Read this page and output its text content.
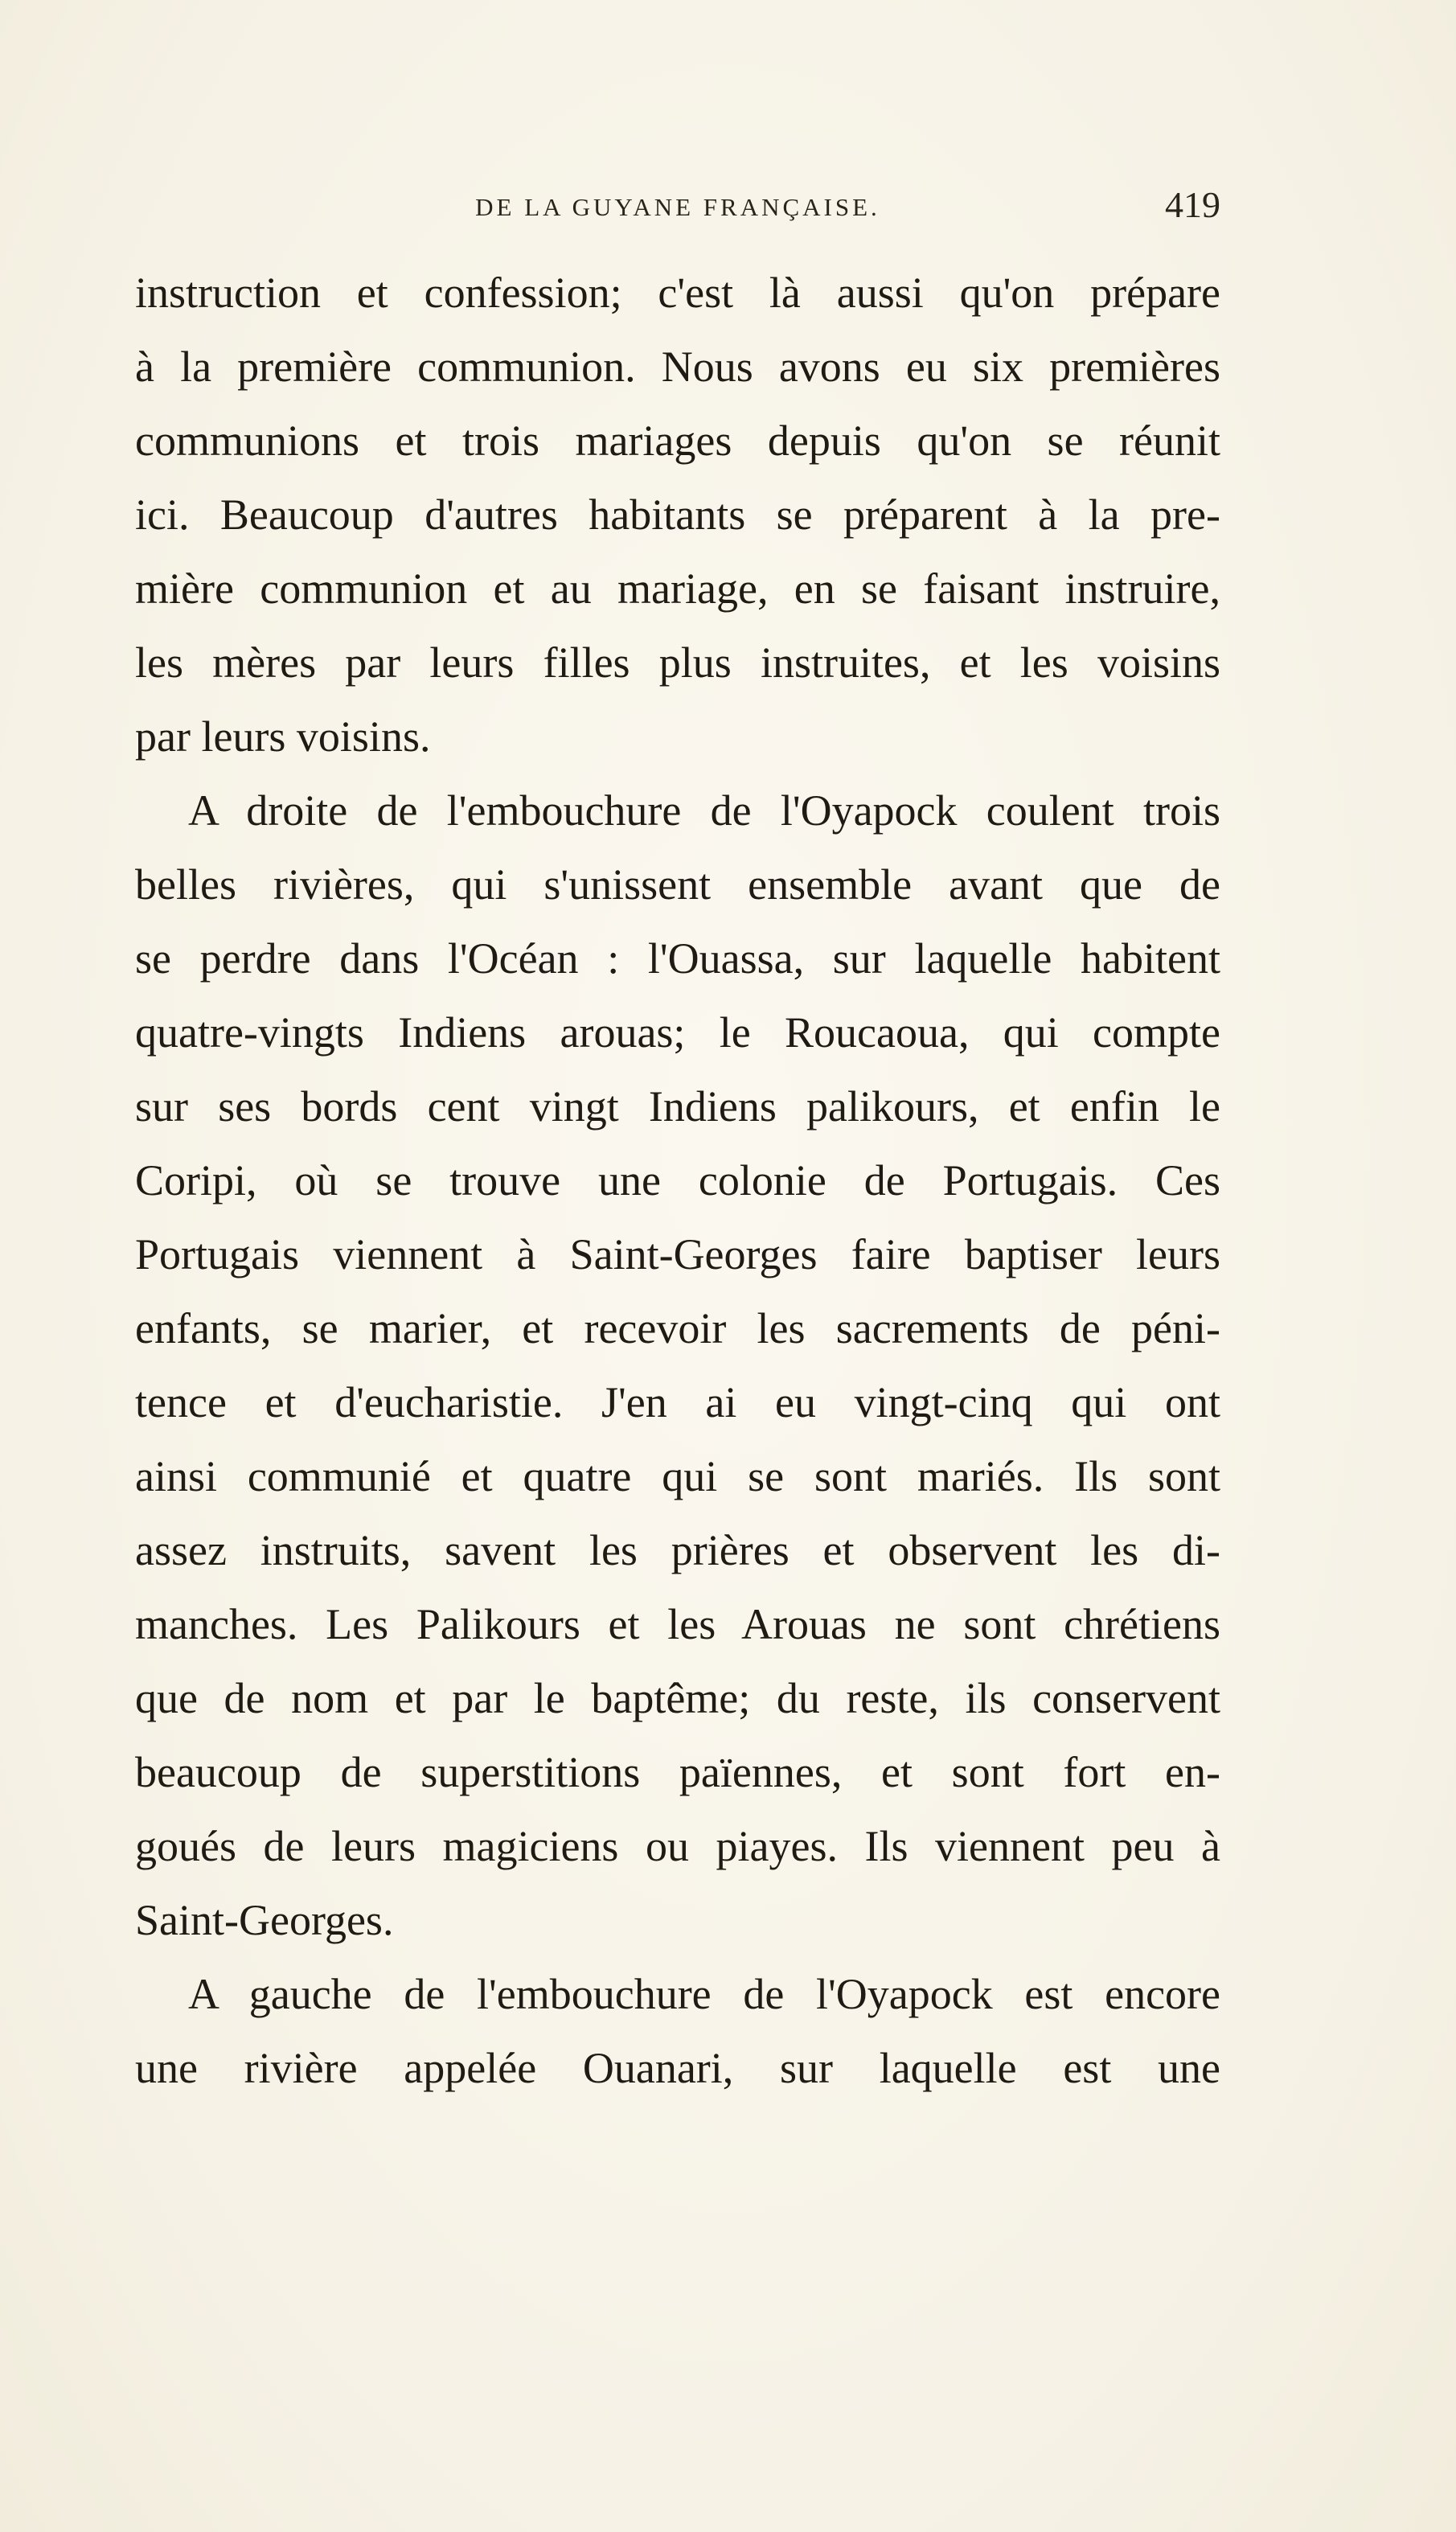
DE LA GUYANE FRANÇAISE.	419
instruction et confession; c'est là aussi qu'on prépare
à la première communion. Nous avons eu six premières
communions et trois mariages depuis qu'on se réunit
ici. Beaucoup d'autres habitants se préparent à la pre-
mière communion et au mariage, en se faisant instruire,
les mères par leurs filles plus instruites, et les voisins
par leurs voisins.
A droite de l'embouchure de l'Oyapock coulent trois
belles rivières, qui s'unissent ensemble avant que de
se perdre dans l'Océan : l'Ouassa, sur laquelle habitent
quatre-vingts Indiens arouas; le Roucaoua, qui compte
sur ses bords cent vingt Indiens palikours, et enfin le
Coripi, où se trouve une colonie de Portugais. Ces
Portugais viennent à Saint-Georges faire baptiser leurs
enfants, se marier, et recevoir les sacrements de péni-
tence et d'eucharistie. J'en ai eu vingt-cinq qui ont
ainsi communié et quatre qui se sont mariés. Ils sont
assez instruits, savent les prières et observent les di-
manches. Les Palikours et les Arouas ne sont chrétiens
que de nom et par le baptême; du reste, ils conservent
beaucoup de superstitions païennes, et sont fort en-
goués de leurs magiciens ou piayes. Ils viennent peu à
Saint-Georges.
A gauche de l'embouchure de l'Oyapock est encore
une rivière appelée Ouanari, sur laquelle est une
